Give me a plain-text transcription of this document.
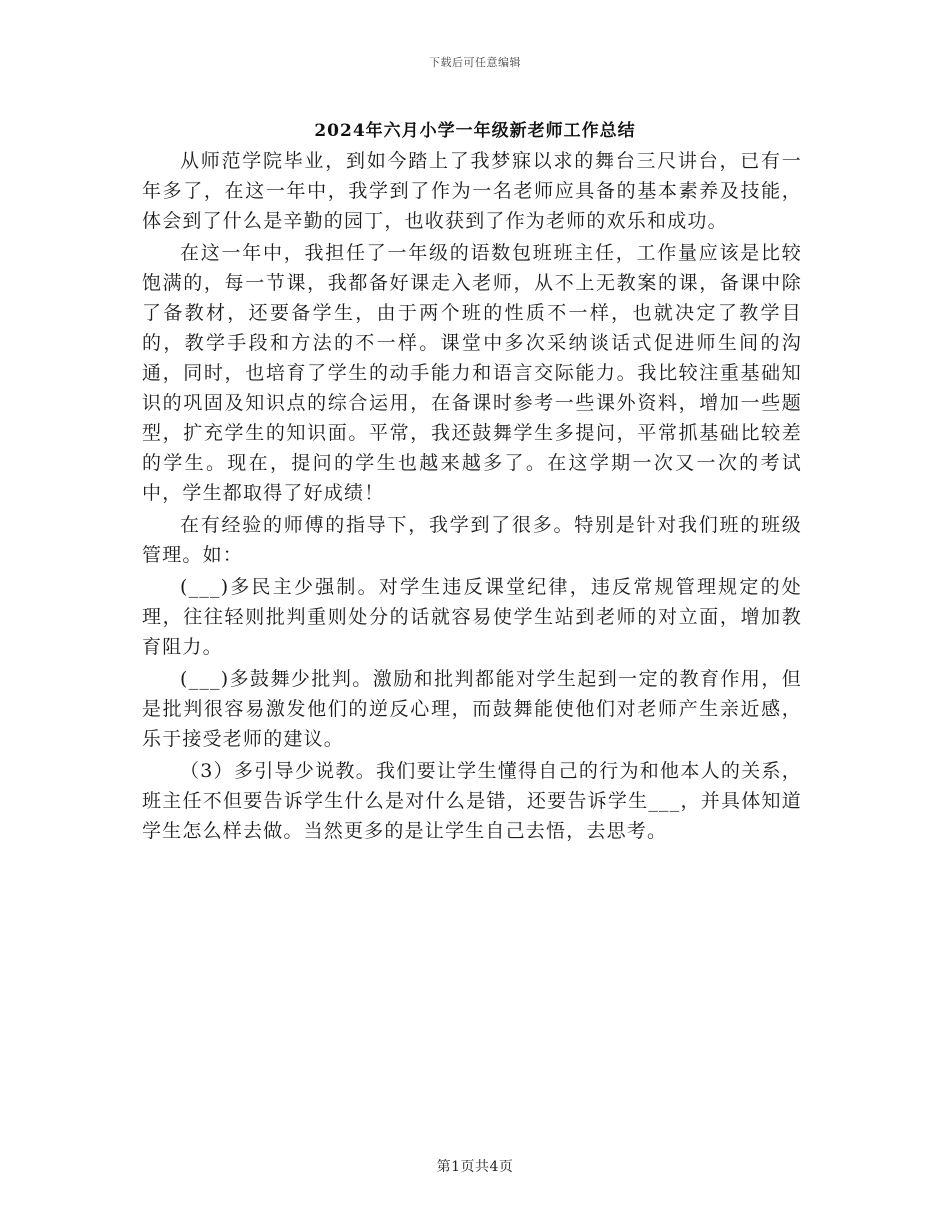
下载后可任意编辑
2024年六月小学一年级新老师工作总结

从师范学院毕业，到如今踏上了我梦寐以求的舞台三尺讲台，已有一年多了，在这一年中，我学到了作为一名老师应具备的基本素养及技能，体会到了什么是辛勤的园丁，也收获到了作为老师的欢乐和成功。

在这一年中，我担任了一年级的语数包班班主任，工作量应该是比较饱满的，每一节课，我都备好课走入老师，从不上无教案的课，备课中除了备教材，还要备学生，由于两个班的性质不一样，也就决定了教学目的，教学手段和方法的不一样。课堂中多次采纳谈话式促进师生间的沟通，同时，也培育了学生的动手能力和语言交际能力。我比较注重基础知识的巩固及知识点的综合运用，在备课时参考一些课外资料，增加一些题型，扩充学生的知识面。平常，我还鼓舞学生多提问，平常抓基础比较差的学生。现在，提问的学生也越来越多了。在这学期一次又一次的考试中，学生都取得了好成绩！

在有经验的师傅的指导下，我学到了很多。特别是针对我们班的班级管理。如：

(___)多民主少强制。对学生违反课堂纪律，违反常规管理规定的处理，往往轻则批判重则处分的话就容易使学生站到老师的对立面，增加教育阻力。

(___)多鼓舞少批判。激励和批判都能对学生起到一定的教育作用，但是批判很容易激发他们的逆反心理，而鼓舞能使他们对老师产生亲近感，乐于接受老师的建议。

（3）多引导少说教。我们要让学生懂得自己的行为和他本人的关系，班主任不但要告诉学生什么是对什么是错，还要告诉学生___，并具体知道学生怎么样去做。当然更多的是让学生自己去悟，去思考。

第1页共4页
